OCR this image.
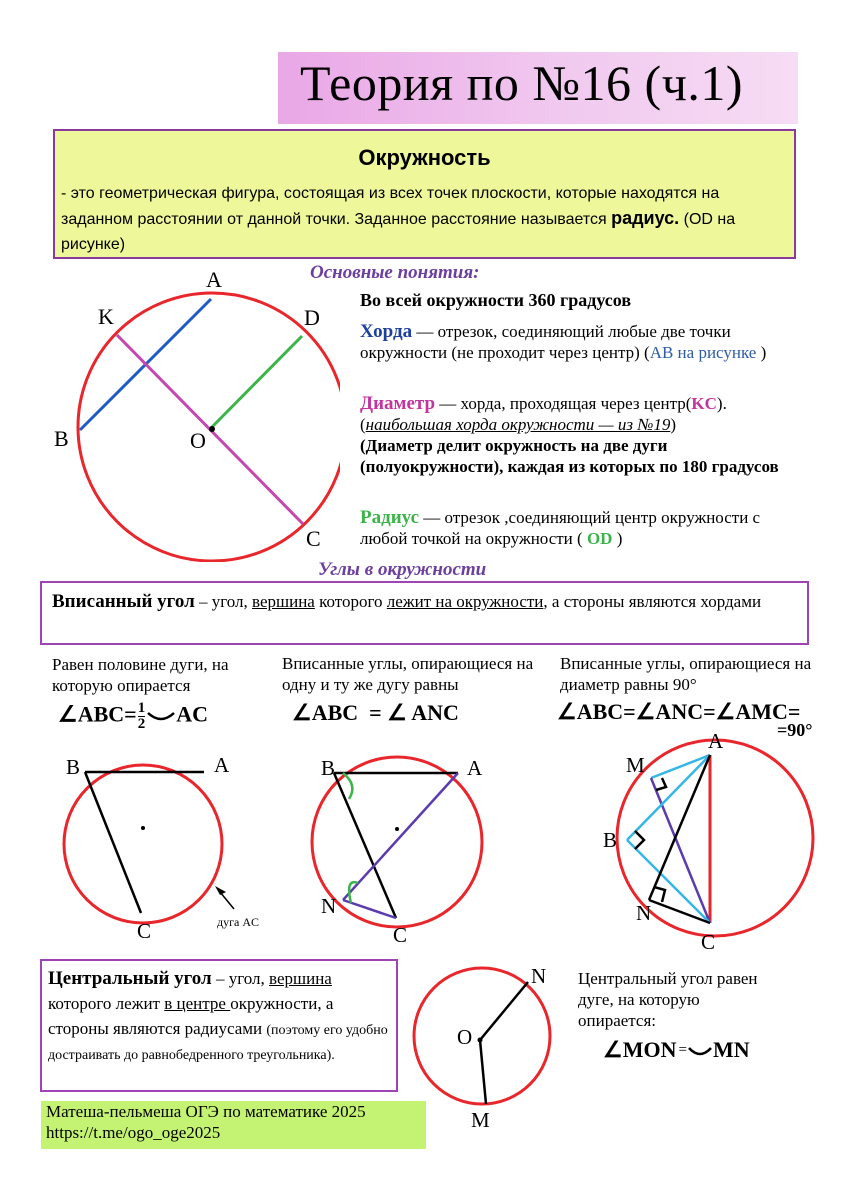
Теория по №16 (ч.1)
Окружность
- это геометрическая фигура, состоящая из всех точек плоскости, которые находятся на заданном расстоянии от данной точки. Заданное расстояние называется радиус. (OD на рисунке)
A
K	D
B	O
C
Основные понятия:
Во всей окружности 360 градусов
Хорда — отрезок, соединяющий любые две точки окружности (не проходит через центр) (AB на рисунке )
Диаметр — хорда, проходящая через центр(KC).
(наибольшая хорда окружности — из №19)
(Диаметр делит окружность на две дуги (полуокружности), каждая из которых по 180 градусов
Радиус — отрезок ,соединяющий центр окружности с любой точкой на окружности ( OD )
Углы в окружности
Вписанный угол – угол, вершина которого лежит на окружности, а стороны являются хордами
Равен половине дуги, на которую опирается
∠ABC= $\frac{1}{2}$ AC
B	A
C	дуга AC
Вписанные углы, опирающиеся на одну и ту же дугу равны
∠ABC  = ∠ ANC
B	A
N
C
Вписанные углы, опирающиеся на диаметр равны 90°
∠ABC=∠ANC=∠AMC=
=90°
M
A
B
N
C
Центральный угол – угол, вершина которого лежит в центре окружности, а стороны являются радиусами (поэтому его удобно достраивать до равнобедренного треугольника).
N
O
M
Центральный угол равен дуге, на которую опирается:
∠MON = MN
Матеша-пельмеша ОГЭ по математике 2025
https://t.me/ogo_oge2025
